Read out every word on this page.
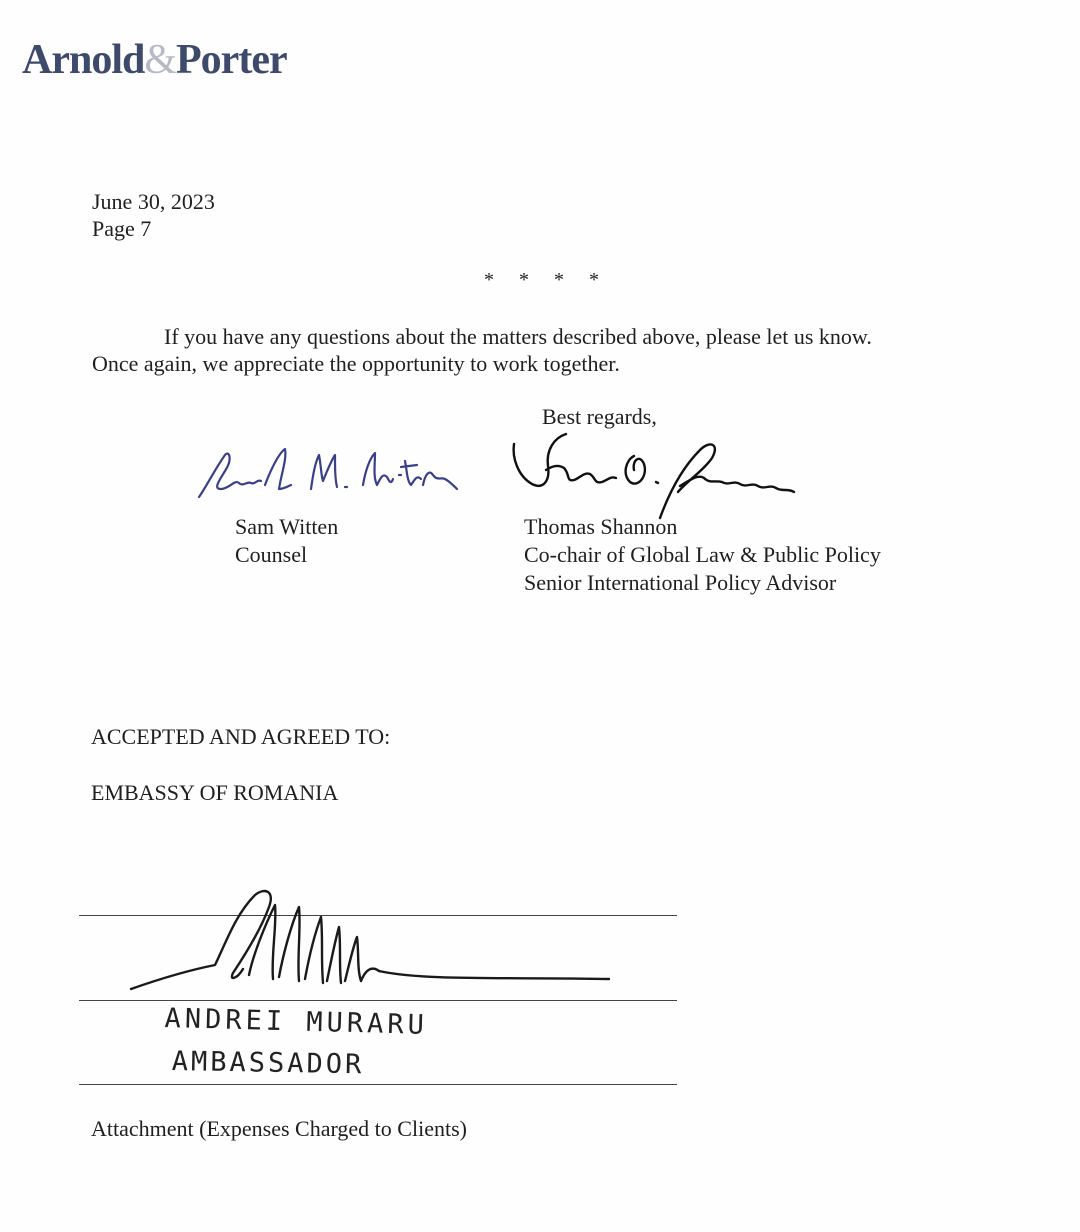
Arnold&Porter
June 30, 2023
Page 7
* * * *
If you have any questions about the matters described above, please let us know.
Once again, we appreciate the opportunity to work together.
Best regards,
Sam Witten
Counsel
Thomas Shannon
Co-chair of Global Law & Public Policy
Senior International Policy Advisor
ACCEPTED AND AGREED TO:
EMBASSY OF ROMANIA
ANDREI MURARU
AMBASSADOR
Attachment (Expenses Charged to Clients)
